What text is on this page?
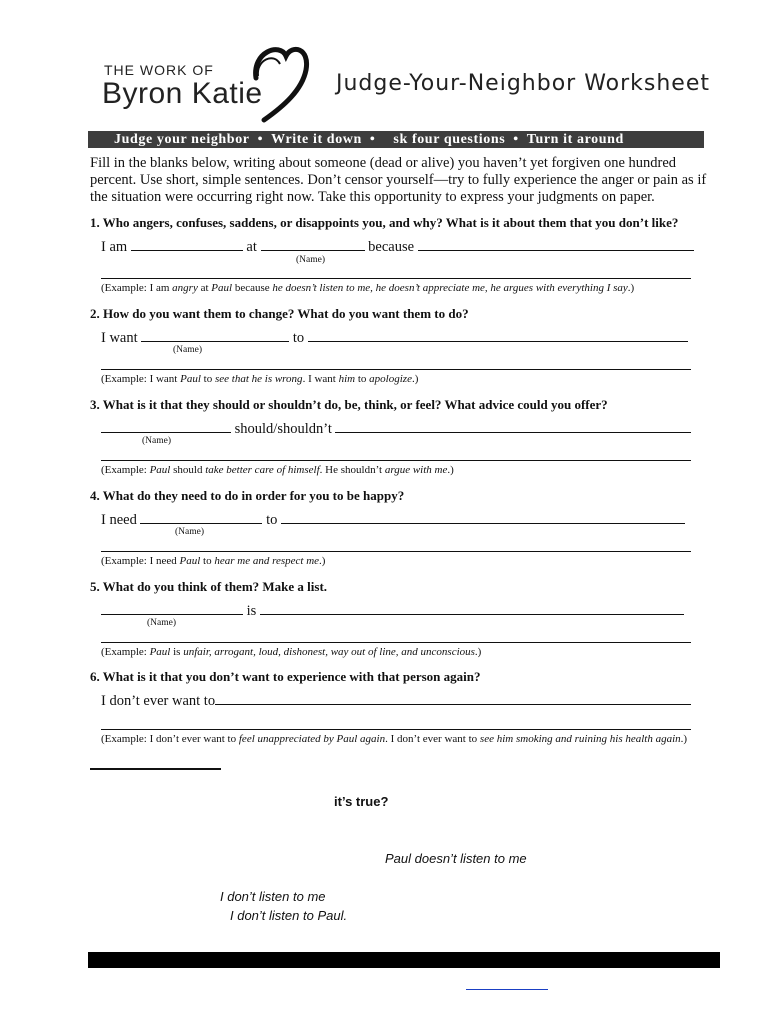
THE WORK OF
Byron Katie	Judge-Your-Neighbor Worksheet
Judge your neighbor • Write it down • sk four questions • Turn it around

Fill in the blanks below, writing about someone (dead or alive) you haven’t yet forgiven one hundred percent. Use short, simple sentences. Don’t censor yourself—try to fully experience the anger or pain as if the situation were occurring right now. Take this opportunity to express your judgments on paper.

1. Who angers, confuses, saddens, or disappoints you, and why? What is it about them that you don’t like?
I am	at	because
(Name)
(Example: I am angry at Paul because he doesn’t listen to me, he doesn’t appreciate me, he argues with everything I say.)
2. How do you want them to change? What do you want them to do?
I want	to
(Name)
(Example: I want Paul to see that he is wrong. I want him to apologize.)
3. What is it that they should or shouldn’t do, be, think, or feel? What advice could you offer?
should/shouldn’t
(Name)
(Example: Paul should take better care of himself. He shouldn’t argue with me.)
4. What do they need to do in order for you to be happy?
I need	to
(Name)
(Example: I need Paul to hear me and respect me.)
5. What do you think of them? Make a list.
is
(Name)
(Example: Paul is unfair, arrogant, loud, dishonest, way out of line, and unconscious.)
6. What is it that you don’t want to experience with that person again?
I don’t ever want to
(Example: I don’t ever want to feel unappreciated by Paul again. I don’t ever want to see him smoking and ruining his health again.)
it’s true?
Paul doesn’t listen to me
I don’t listen to me
I don’t listen to Paul.
